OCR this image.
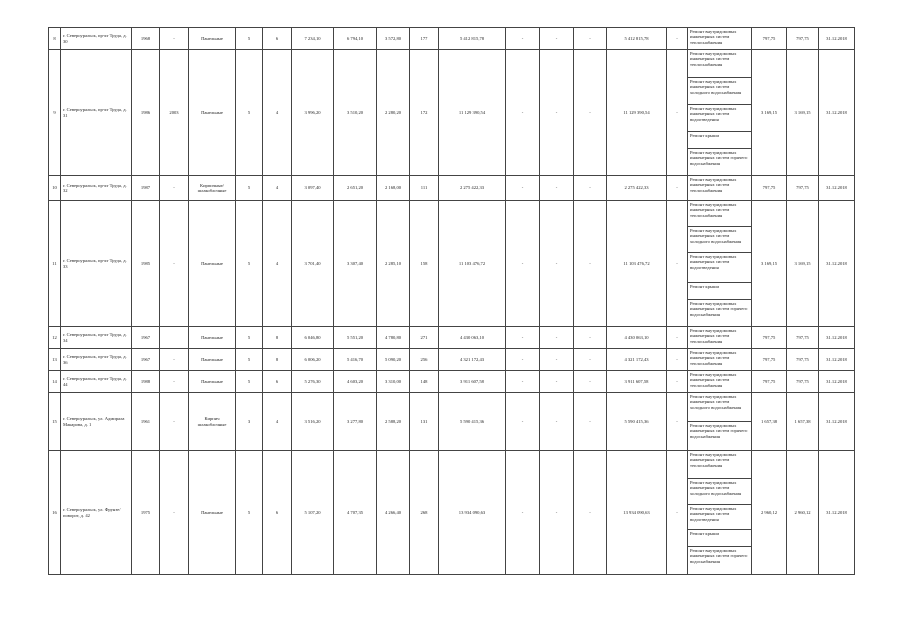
8	г. Североуральск, пр-кт Труда, д. 30	1968	-	Панельные	5	6	7 234,10	6 794,10	3 572,80	177	5 412 815,78	-	-	-	5 412 815,78	-	Ремонт внутридомовых инженерных систем теплоснабжения	797,75	797,75	31.12.2018
9	г. Североуральск, пр-кт Труда, д. 31	1986	2003	Панельные	5	4	3 996,20	3 510,20	2 280,20	172	11 129 390,54	-	-	-	11 129 390,54	-	Ремонт внутридомовых инженерных систем теплоснабжения	3 169,15	3 169,15	31.12.2018
																	Ремонт внутридомовых инженерных систем холодного водоснабжения			
																	Ремонт внутридомовых инженерных систем водоотведения			
																	Ремонт крыши			
																	Ремонт внутридомовых инженерных систем горячего водоснабжения			
10	г. Североуральск, пр-кт Труда, д. 32	1987	-	Кирпичные/ шлакоблочные	5	4	3 097,40	2 651,20	2 168,00	111	2 275 422,33	-	-	-	2 275 422,33	-	Ремонт внутридомовых инженерных систем теплоснабжения	797,75	797,75	31.12.2018
11	г. Североуральск, пр-кт Труда, д. 33	1985	-	Панельные	5	4	3 701,40	3 307,40	2 285,10	158	11 103 476,72	-	-	-	11 103 476,72	-	Ремонт внутридомовых инженерных систем теплоснабжения	3 169,15	3 169,15	31.12.2018
																	Ремонт внутридомовых инженерных систем холодного водоснабжения			
																	Ремонт внутридомовых инженерных систем водоотведения			
																	Ремонт крыши			
																	Ремонт внутридомовых инженерных систем горячего водоснабжения			
12	г. Североуральск, пр-кт Труда, д. 34	1967		Панельные	5	8	6 046,80	5 551,20	4 780,80	271	4 430 063,10	-	-	-	4 430 063,10	-	Ремонт внутридомовых инженерных систем теплоснабжения	797,75	797,75	31.12.2018
13	г. Североуральск, пр-кт Труда, д. 36	1967	-	Панельные	5	8	6 006,20	5 416,70	5 090,20	256	4 321 172,43	-	-	-	4 321 172,43	-	Ремонт внутридомовых инженерных систем теплоснабжения	797,75	797,75	31.12.2018
14	г. Североуральск, пр-кт Труда, д. 44	1988	-	Панельные	5	6	5 276,30	4 603,20	3 310,00	148	3 911 607,58	-	-	-	3 911 607,58	-	Ремонт внутридомовых инженерных систем теплоснабжения	797,75	797,75	31.12.2018
15	г. Североуральск, ул. Адмирала Макарова, д. 1	1961	-	Кирпич шлакоблочные	3	4	3 516,20	3 277,80	2 588,20	131	5 590 415,36	-	-	-	5 590 415,36	-	Ремонт внутридомовых инженерных систем холодного водоснабжения	1 657,38	1 657,38	31.12.2018
																	Ремонт внутридомовых инженерных систем горячего водоснабжения			
16	г. Североуральск, ул. Фрунзе/поворот, д. 42	1975	-	Панельные	5	6	5 107,20	4 707,35	4 266,40	268	13 934 090,63	-	-	-	13 934 090,63	-	Ремонт внутридомовых инженерных систем теплоснабжения	2 960,12	2 960,12	31.12.2018
																	Ремонт внутридомовых инженерных систем холодного водоснабжения			
																	Ремонт внутридомовых инженерных систем водоотведения			
																	Ремонт крыши			
																	Ремонт внутридомовых инженерных систем горячего водоснабжения			
